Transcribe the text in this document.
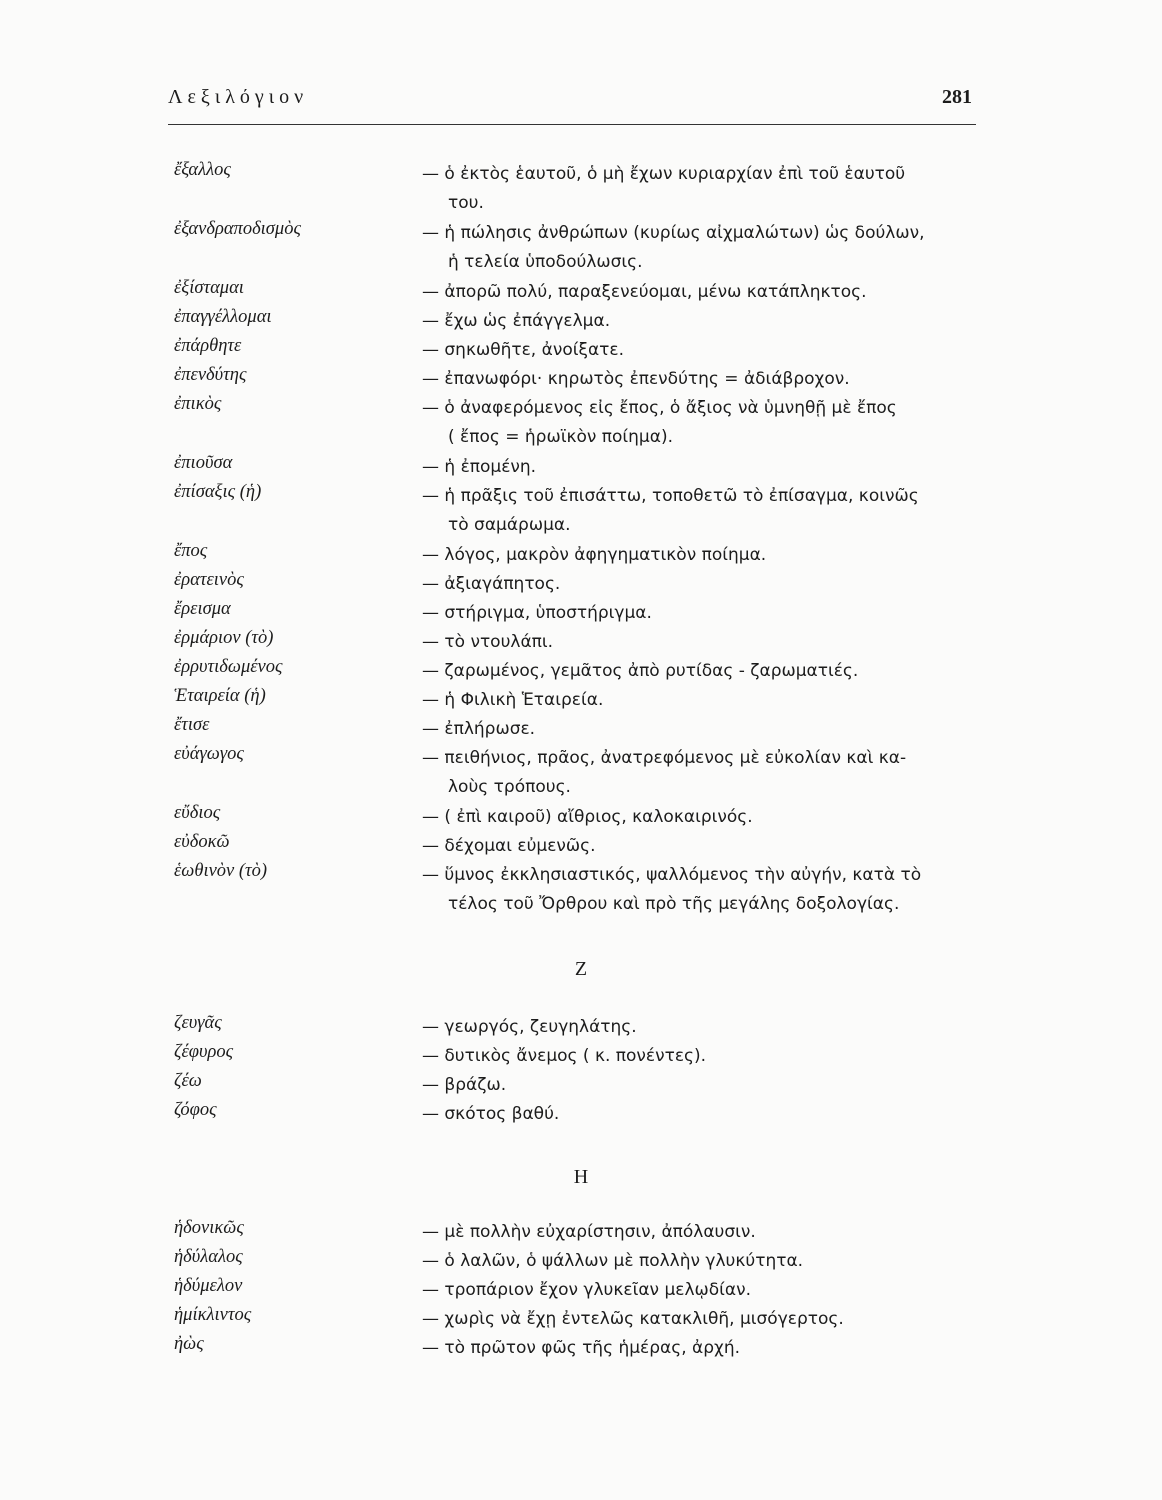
Λεξιλόγιον	281
ἔξαλλος	— ὁ ἐκτὸς ἑαυτοῦ, ὁ μὴ ἔχων κυριαρχίαν ἐπὶ τοῦ ἑαυτοῦ
του.
ἐξανδραποδισμὸς	— ἡ πώλησις ἀνθρώπων (κυρίως αἰχμαλώτων) ὡς δούλων,
ἡ τελεία ὑποδούλωσις.
ἐξίσταμαι	— ἀπορῶ πολύ, παραξενεύομαι, μένω κατάπληκτος.
ἐπαγγέλλομαι	— ἔχω ὡς ἐπάγγελμα.
ἐπάρθητε	— σηκωθῆτε, ἀνοίξατε.
ἐπενδύτης	— ἐπανωφόρι· κηρωτὸς ἐπενδύτης = ἀδιάβροχον.
ἐπικὸς	— ὁ ἀναφερόμενος εἰς ἔπος, ὁ ἄξιος νὰ ὑμνηθῇ μὲ ἔπος
( ἔπος = ἡρωϊκὸν ποίημα).
ἐπιοῦσα	— ἡ ἐπομένη.
ἐπίσαξις (ἡ)	— ἡ πρᾶξις τοῦ ἐπισάττω, τοποθετῶ τὸ ἐπίσαγμα, κοινῶς
τὸ σαμάρωμα.
ἔπος	— λόγος, μακρὸν ἀφηγηματικὸν ποίημα.
ἐρατεινὸς	— ἀξιαγάπητος.
ἔρεισμα	— στήριγμα, ὑποστήριγμα.
ἐρμάριον (τὸ)	— τὸ ντουλάπι.
ἐρρυτιδωμένος	— ζαρωμένος, γεμᾶτος ἀπὸ ρυτίδας - ζαρωματιές.
Ἑταιρεία (ἡ)	— ἡ Φιλικὴ Ἑταιρεία.
ἔτισε	— ἐπλήρωσε.
εὐάγωγος	— πειθήνιος, πρᾶος, ἀνατρεφόμενος μὲ εὐκολίαν καὶ κα-
λοὺς τρόπους.
εὔδιος	— ( ἐπὶ καιροῦ) αἴθριος, καλοκαιρινός.
εὐδοκῶ	— δέχομαι εὐμενῶς.
ἑωθινὸν (τὸ)	— ὕμνος ἐκκλησιαστικός, ψαλλόμενος τὴν αὐγήν, κατὰ τὸ
τέλος τοῦ Ὄρθρου καὶ πρὸ τῆς μεγάλης δοξολογίας.
Ζ
ζευγᾶς	— γεωργός, ζευγηλάτης.
ζέφυρος	— δυτικὸς ἄνεμος ( κ. πονέντες).
ζέω	— βράζω.
ζόφος	— σκότος βαθύ.
Η
ἡδονικῶς	— μὲ πολλὴν εὐχαρίστησιν, ἀπόλαυσιν.
ἡδύλαλος	— ὁ λαλῶν, ὁ ψάλλων μὲ πολλὴν γλυκύτητα.
ἡδύμελον	— τροπάριον ἔχον γλυκεῖαν μελῳδίαν.
ἡμίκλιντος	— χωρὶς νὰ ἔχῃ ἐντελῶς κατακλιθῆ, μισόγερτος.
ἠὼς	— τὸ πρῶτον φῶς τῆς ἡμέρας, ἀρχή.
